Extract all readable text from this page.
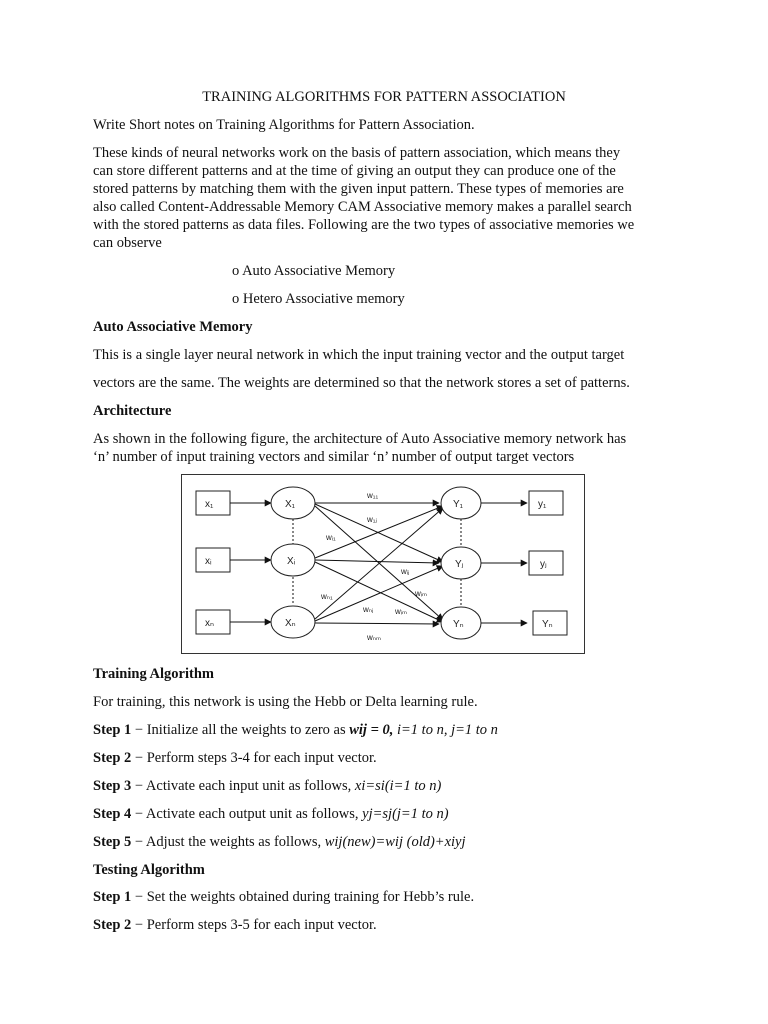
TRAINING ALGORITHMS FOR PATTERN ASSOCIATION
Write Short notes on Training Algorithms for Pattern Association.
These kinds of neural networks work on the basis of pattern association, which means they
can store different patterns and at the time of giving an output they can produce one of the
stored patterns by matching them with the given input pattern. These types of memories are
also called Content-Addressable Memory CAM Associative memory makes a parallel search
with the stored patterns as data files. Following are the two types of associative memories we
can observe
o Auto Associative Memory
o Hetero Associative memory
Auto Associative Memory
This is a single layer neural network in which the input training vector and the output target
vectors are the same. The weights are determined so that the network stores a set of patterns.
Architecture
As shown in the following figure, the architecture of Auto Associative memory network has
‘n’ number of input training vectors and similar ‘n’ number of output target vectors
x₁
xᵢ
xₙ
X₁
Xᵢ
Xₙ
Y₁
Yⱼ
Yₙ
y₁
yⱼ
Yₙ
w₁₁
w₁ⱼ
wᵢ₁
wᵢⱼ
wₙ₁	wᵢₘ
wₙⱼ	wᵢₘ
wₙₘ
Training Algorithm
For training, this network is using the Hebb or Delta learning rule.
Step 1 − Initialize all the weights to zero as wij = 0, i=1 to n, j=1 to n
Step 2 − Perform steps 3-4 for each input vector.
Step 3 − Activate each input unit as follows, xi=si(i=1 to n)
Step 4 − Activate each output unit as follows, yj=sj(j=1 to n)
Step 5 − Adjust the weights as follows, wij(new)=wij (old)+xiyj
Testing Algorithm
Step 1 − Set the weights obtained during training for Hebb’s rule.
Step 2 − Perform steps 3-5 for each input vector.
